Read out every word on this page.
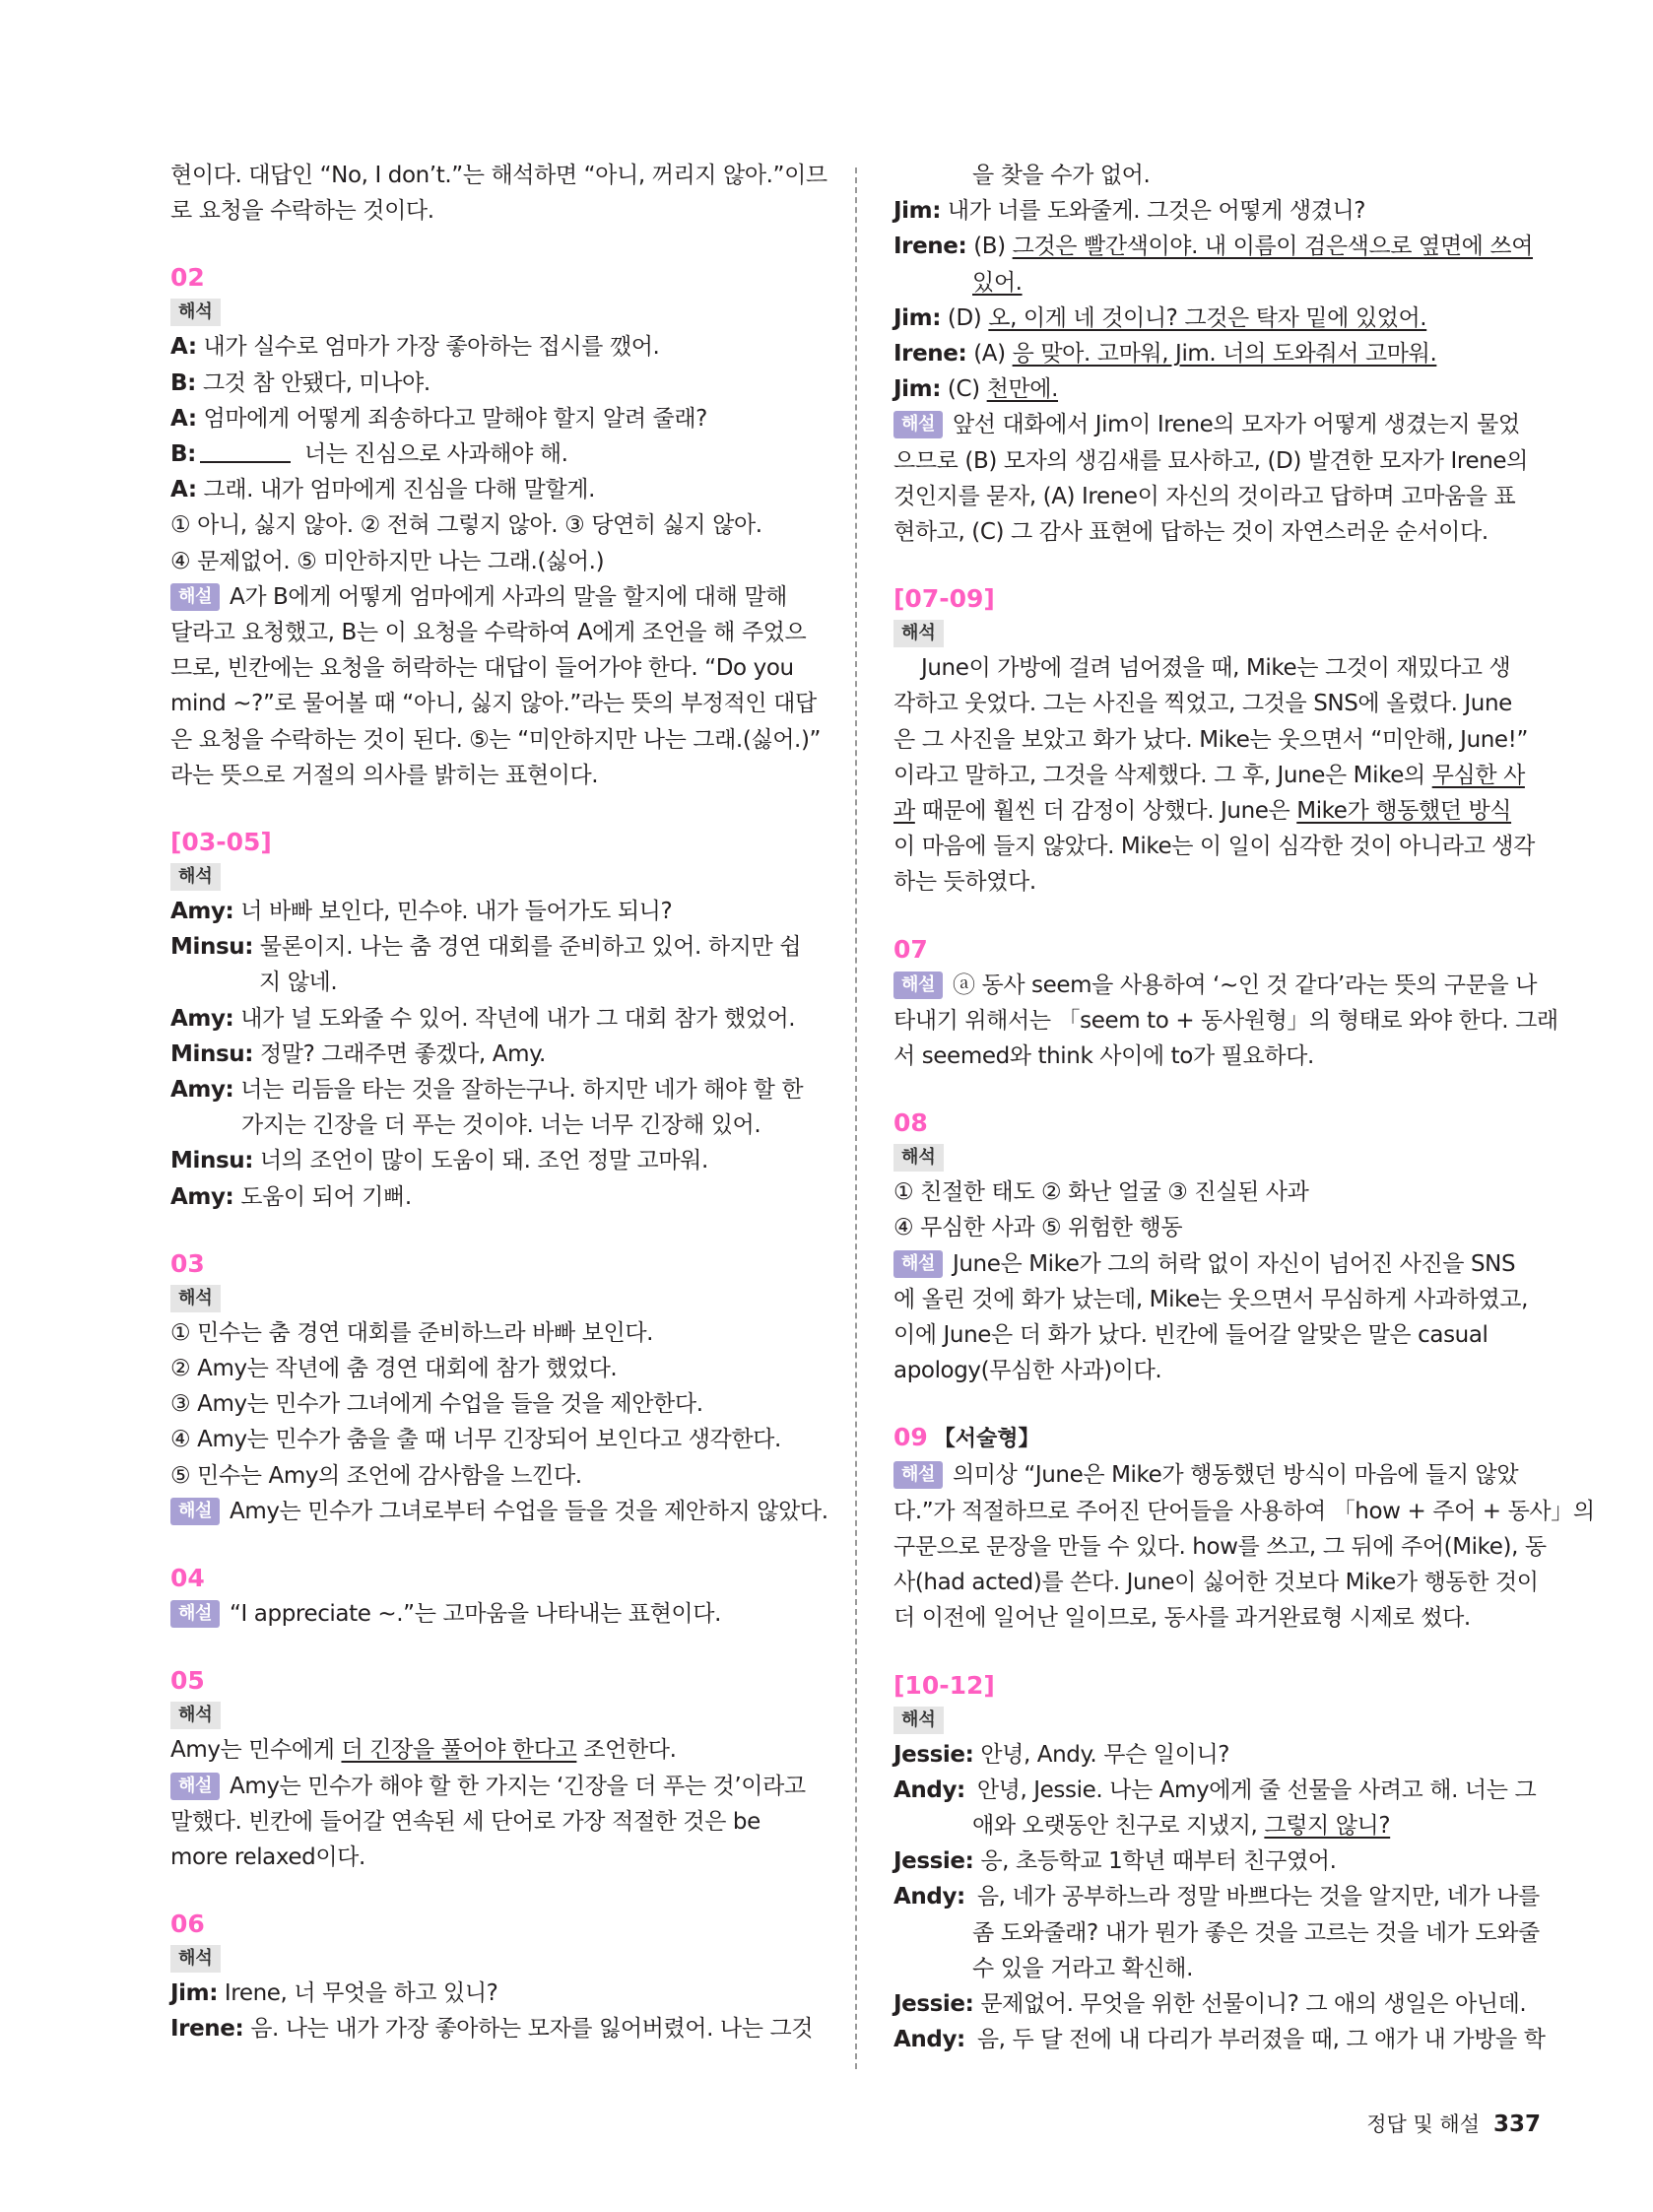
현이다. 대답인 “No, I don’t.”는 해석하면 “아니, 꺼리지 않아.”이므
로 요청을 수락하는 것이다.
02
해석
A: 내가 실수로 엄마가 가장 좋아하는 접시를 깼어.
B: 그것 참 안됐다, 미나야.
A: 엄마에게 어떻게 죄송하다고 말해야 할지 알려 줄래?
B:	너는 진심으로 사과해야 해.
A: 그래. 내가 엄마에게 진심을 다해 말할게.
① 아니, 싫지 않아. ② 전혀 그렇지 않아. ③ 당연히 싫지 않아.
④ 문제없어. ⑤ 미안하지만 나는 그래.(싫어.)
해설 A가 B에게 어떻게 엄마에게 사과의 말을 할지에 대해 말해
달라고 요청했고, B는 이 요청을 수락하여 A에게 조언을 해 주었으
므로, 빈칸에는 요청을 허락하는 대답이 들어가야 한다. “Do you
mind ~?”로 물어볼 때 “아니, 싫지 않아.”라는 뜻의 부정적인 대답
은 요청을 수락하는 것이 된다. ⑤는 “미안하지만 나는 그래.(싫어.)”
라는 뜻으로 거절의 의사를 밝히는 표현이다.
[03-05]
해석
Amy: 너 바빠 보인다, 민수야. 내가 들어가도 되니?
Minsu: 물론이지. 나는 춤 경연 대회를 준비하고 있어. 하지만 쉽
지 않네.
Amy: 내가 널 도와줄 수 있어. 작년에 내가 그 대회 참가 했었어.
Minsu: 정말? 그래주면 좋겠다, Amy.
Amy: 너는 리듬을 타는 것을 잘하는구나. 하지만 네가 해야 할 한
가지는 긴장을 더 푸는 것이야. 너는 너무 긴장해 있어.
Minsu: 너의 조언이 많이 도움이 돼. 조언 정말 고마워.
Amy: 도움이 되어 기뻐.
03
해석
① 민수는 춤 경연 대회를 준비하느라 바빠 보인다.
② Amy는 작년에 춤 경연 대회에 참가 했었다.
③ Amy는 민수가 그녀에게 수업을 들을 것을 제안한다.
④ Amy는 민수가 춤을 출 때 너무 긴장되어 보인다고 생각한다.
⑤ 민수는 Amy의 조언에 감사함을 느낀다.
해설 Amy는 민수가 그녀로부터 수업을 들을 것을 제안하지 않았다.
04
해설 “I appreciate ~.”는 고마움을 나타내는 표현이다.
05
해석
Amy는 민수에게 더 긴장을 풀어야 한다고 조언한다.
해설 Amy는 민수가 해야 할 한 가지는 ‘긴장을 더 푸는 것’이라고
말했다. 빈칸에 들어갈 연속된 세 단어로 가장 적절한 것은 be
more relaxed이다.
06
해석
Jim: Irene, 너 무엇을 하고 있니?
Irene: 음. 나는 내가 가장 좋아하는 모자를 잃어버렸어. 나는 그것
을 찾을 수가 없어.
Jim: 내가 너를 도와줄게. 그것은 어떻게 생겼니?
Irene: (B) 그것은 빨간색이야. 내 이름이 검은색으로 옆면에 쓰여
있어.
Jim: (D) 오, 이게 네 것이니? 그것은 탁자 밑에 있었어.
Irene: (A) 응 맞아. 고마워, Jim. 너의 도와줘서 고마워.
Jim: (C) 천만에.
해설 앞선 대화에서 Jim이 Irene의 모자가 어떻게 생겼는지 물었
으므로 (B) 모자의 생김새를 묘사하고, (D) 발견한 모자가 Irene의
것인지를 묻자, (A) Irene이 자신의 것이라고 답하며 고마움을 표
현하고, (C) 그 감사 표현에 답하는 것이 자연스러운 순서이다.
[07-09]
해석
June이 가방에 걸려 넘어졌을 때, Mike는 그것이 재밌다고 생
각하고 웃었다. 그는 사진을 찍었고, 그것을 SNS에 올렸다. June
은 그 사진을 보았고 화가 났다. Mike는 웃으면서 “미안해, June!”
이라고 말하고, 그것을 삭제했다. 그 후, June은 Mike의 무심한 사
과 때문에 훨씬 더 감정이 상했다. June은 Mike가 행동했던 방식
이 마음에 들지 않았다. Mike는 이 일이 심각한 것이 아니라고 생각
하는 듯하였다.
07
해설 ⓐ 동사 seem을 사용하여 ‘~인 것 같다’라는 뜻의 구문을 나
타내기 위해서는 「seem to + 동사원형」의 형태로 와야 한다. 그래
서 seemed와 think 사이에 to가 필요하다.
08
해석
① 친절한 태도 ② 화난 얼굴 ③ 진실된 사과
④ 무심한 사과 ⑤ 위험한 행동
해설 June은 Mike가 그의 허락 없이 자신이 넘어진 사진을 SNS
에 올린 것에 화가 났는데, Mike는 웃으면서 무심하게 사과하였고,
이에 June은 더 화가 났다. 빈칸에 들어갈 알맞은 말은 casual
apology(무심한 사과)이다.
09 【서술형】
해설 의미상 “June은 Mike가 행동했던 방식이 마음에 들지 않았
다.”가 적절하므로 주어진 단어들을 사용하여 「how + 주어 + 동사」의
구문으로 문장을 만들 수 있다. how를 쓰고, 그 뒤에 주어(Mike), 동
사(had acted)를 쓴다. June이 싫어한 것보다 Mike가 행동한 것이
더 이전에 일어난 일이므로, 동사를 과거완료형 시제로 썼다.
[10-12]
해석
Jessie: 안녕, Andy. 무슨 일이니?
Andy: 안녕, Jessie. 나는 Amy에게 줄 선물을 사려고 해. 너는 그
애와 오랫동안 친구로 지냈지, 그렇지 않니?
Jessie: 응, 초등학교 1학년 때부터 친구였어.
Andy: 음, 네가 공부하느라 정말 바쁘다는 것을 알지만, 네가 나를
좀 도와줄래? 내가 뭔가 좋은 것을 고르는 것을 네가 도와줄
수 있을 거라고 확신해.
Jessie: 문제없어. 무엇을 위한 선물이니? 그 애의 생일은 아닌데.
Andy: 음, 두 달 전에 내 다리가 부러졌을 때, 그 애가 내 가방을 학
정답 및 해설 337
